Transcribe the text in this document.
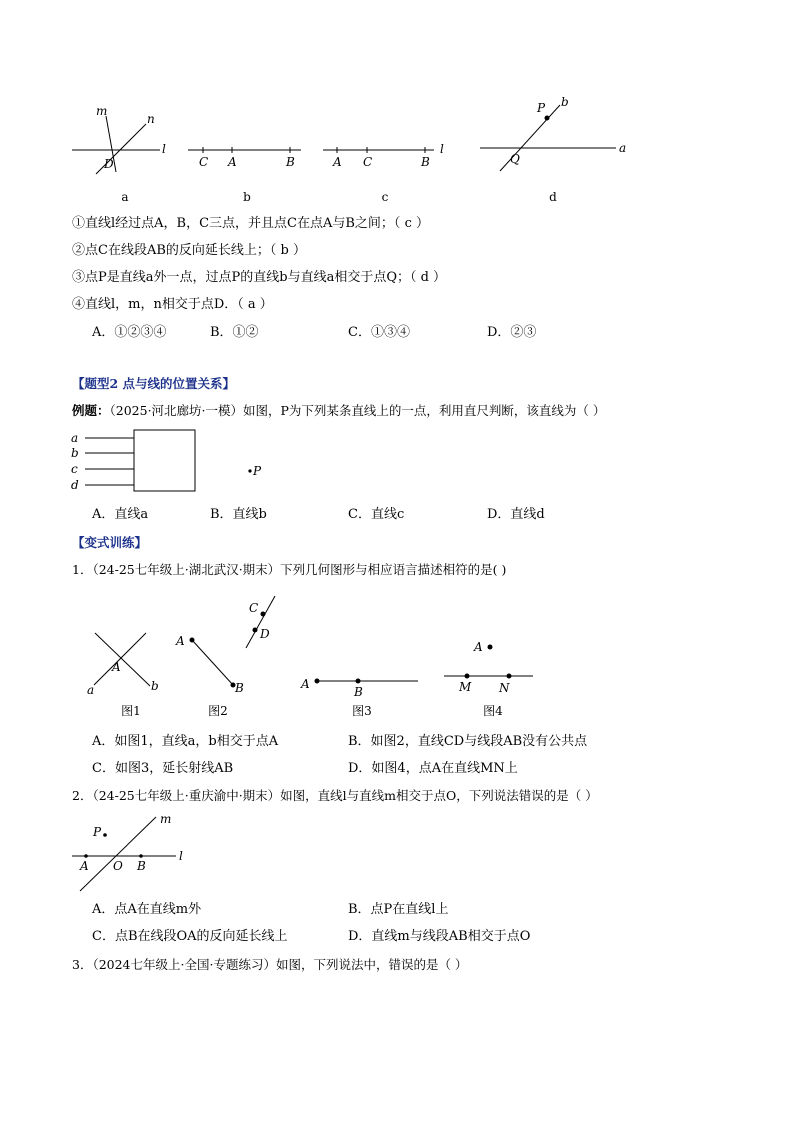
m
n
l
D
a
C A	B
b
A C	B
l
c
P b
Q
a
d
①直线l经过点A，B，C三点，并且点C在点A与B之间；（ c ）
②点C在线段AB的反向延长线上；（ b ）
③点P是直线a外一点，过点P的直线b与直线a相交于点Q；（ d ）
④直线l，m，n相交于点D．（ a ）
A．①②③④	B．①②	C．①③④	D．②③
【题型2 点与线的位置关系】
例题：（2025·河北廊坊·一模）如图，P为下列某条直线上的一点，利用直尺判断，该直线为（ ）
a
b
c
d
P
A．直线a	B．直线b	C．直线c	D．直线d
【变式训练】
1．（24-25七年级上·湖北武汉·期末）下列几何图形与相应语言描述相符的是( )
A
a	b
图1
A
B
C
D
图2
A
B
图3
A
M N
图4
A．如图1，直线a，b相交于点A	B．如图2，直线CD与线段AB没有公共点
C．如图3，延长射线AB	D．如图4，点A在直线MN上
2．（24-25七年级上·重庆渝中·期末）如图，直线l与直线m相交于点O，下列说法错误的是（ ）
P
m
A O B
l
A．点A在直线m外	B．点P在直线l上
C．点B在线段OA的反向延长线上	D．直线m与线段AB相交于点O
3．（2024七年级上·全国·专题练习）如图，下列说法中，错误的是（ ）
